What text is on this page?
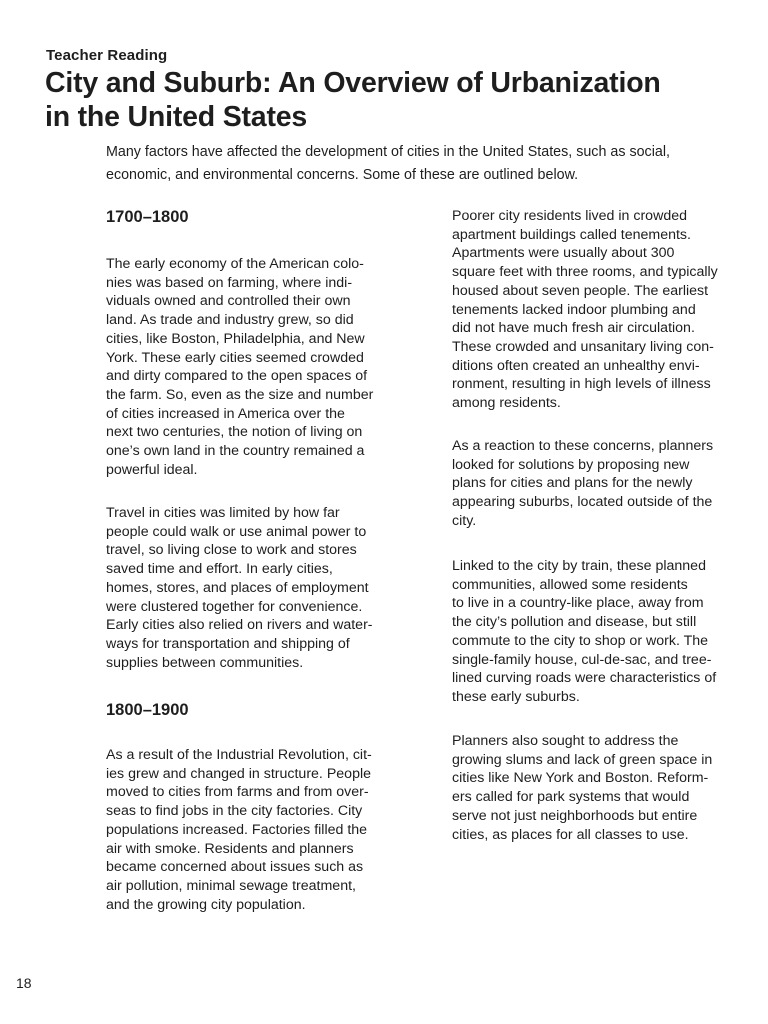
Teacher Reading
City and Suburb: An Overview of Urbanization
in the United States

Many factors have affected the development of cities in the United States, such as social,
economic, and environmental concerns. Some of these are outlined below.

1700–1800

The early economy of the American colo-
nies was based on farming, where indi-
viduals owned and controlled their own
land. As trade and industry grew, so did
cities, like Boston, Philadelphia, and New
York. These early cities seemed crowded
and dirty compared to the open spaces of
the farm. So, even as the size and number
of cities increased in America over the
next two centuries, the notion of living on
one’s own land in the country remained a
powerful ideal.

Travel in cities was limited by how far
people could walk or use animal power to
travel, so living close to work and stores
saved time and effort. In early cities,
homes, stores, and places of employment
were clustered together for convenience.
Early cities also relied on rivers and water-
ways for transportation and shipping of
supplies between communities.

1800–1900

As a result of the Industrial Revolution, cit-
ies grew and changed in structure. People
moved to cities from farms and from over-
seas to find jobs in the city factories. City
populations increased. Factories filled the
air with smoke. Residents and planners
became concerned about issues such as
air pollution, minimal sewage treatment,
and the growing city population.

Poorer city residents lived in crowded
apartment buildings called tenements.
Apartments were usually about 300
square feet with three rooms, and typically
housed about seven people. The earliest
tenements lacked indoor plumbing and
did not have much fresh air circulation.
These crowded and unsanitary living con-
ditions often created an unhealthy envi-
ronment, resulting in high levels of illness
among residents.

As a reaction to these concerns, planners
looked for solutions by proposing new
plans for cities and plans for the newly
appearing suburbs, located outside of the
city.

Linked to the city by train, these planned
communities, allowed some residents
to live in a country-like place, away from
the city’s pollution and disease, but still
commute to the city to shop or work. The
single-family house, cul-de-sac, and tree-
lined curving roads were characteristics of
these early suburbs.

Planners also sought to address the
growing slums and lack of green space in
cities like New York and Boston. Reform-
ers called for park systems that would
serve not just neighborhoods but entire
cities, as places for all classes to use.

18
